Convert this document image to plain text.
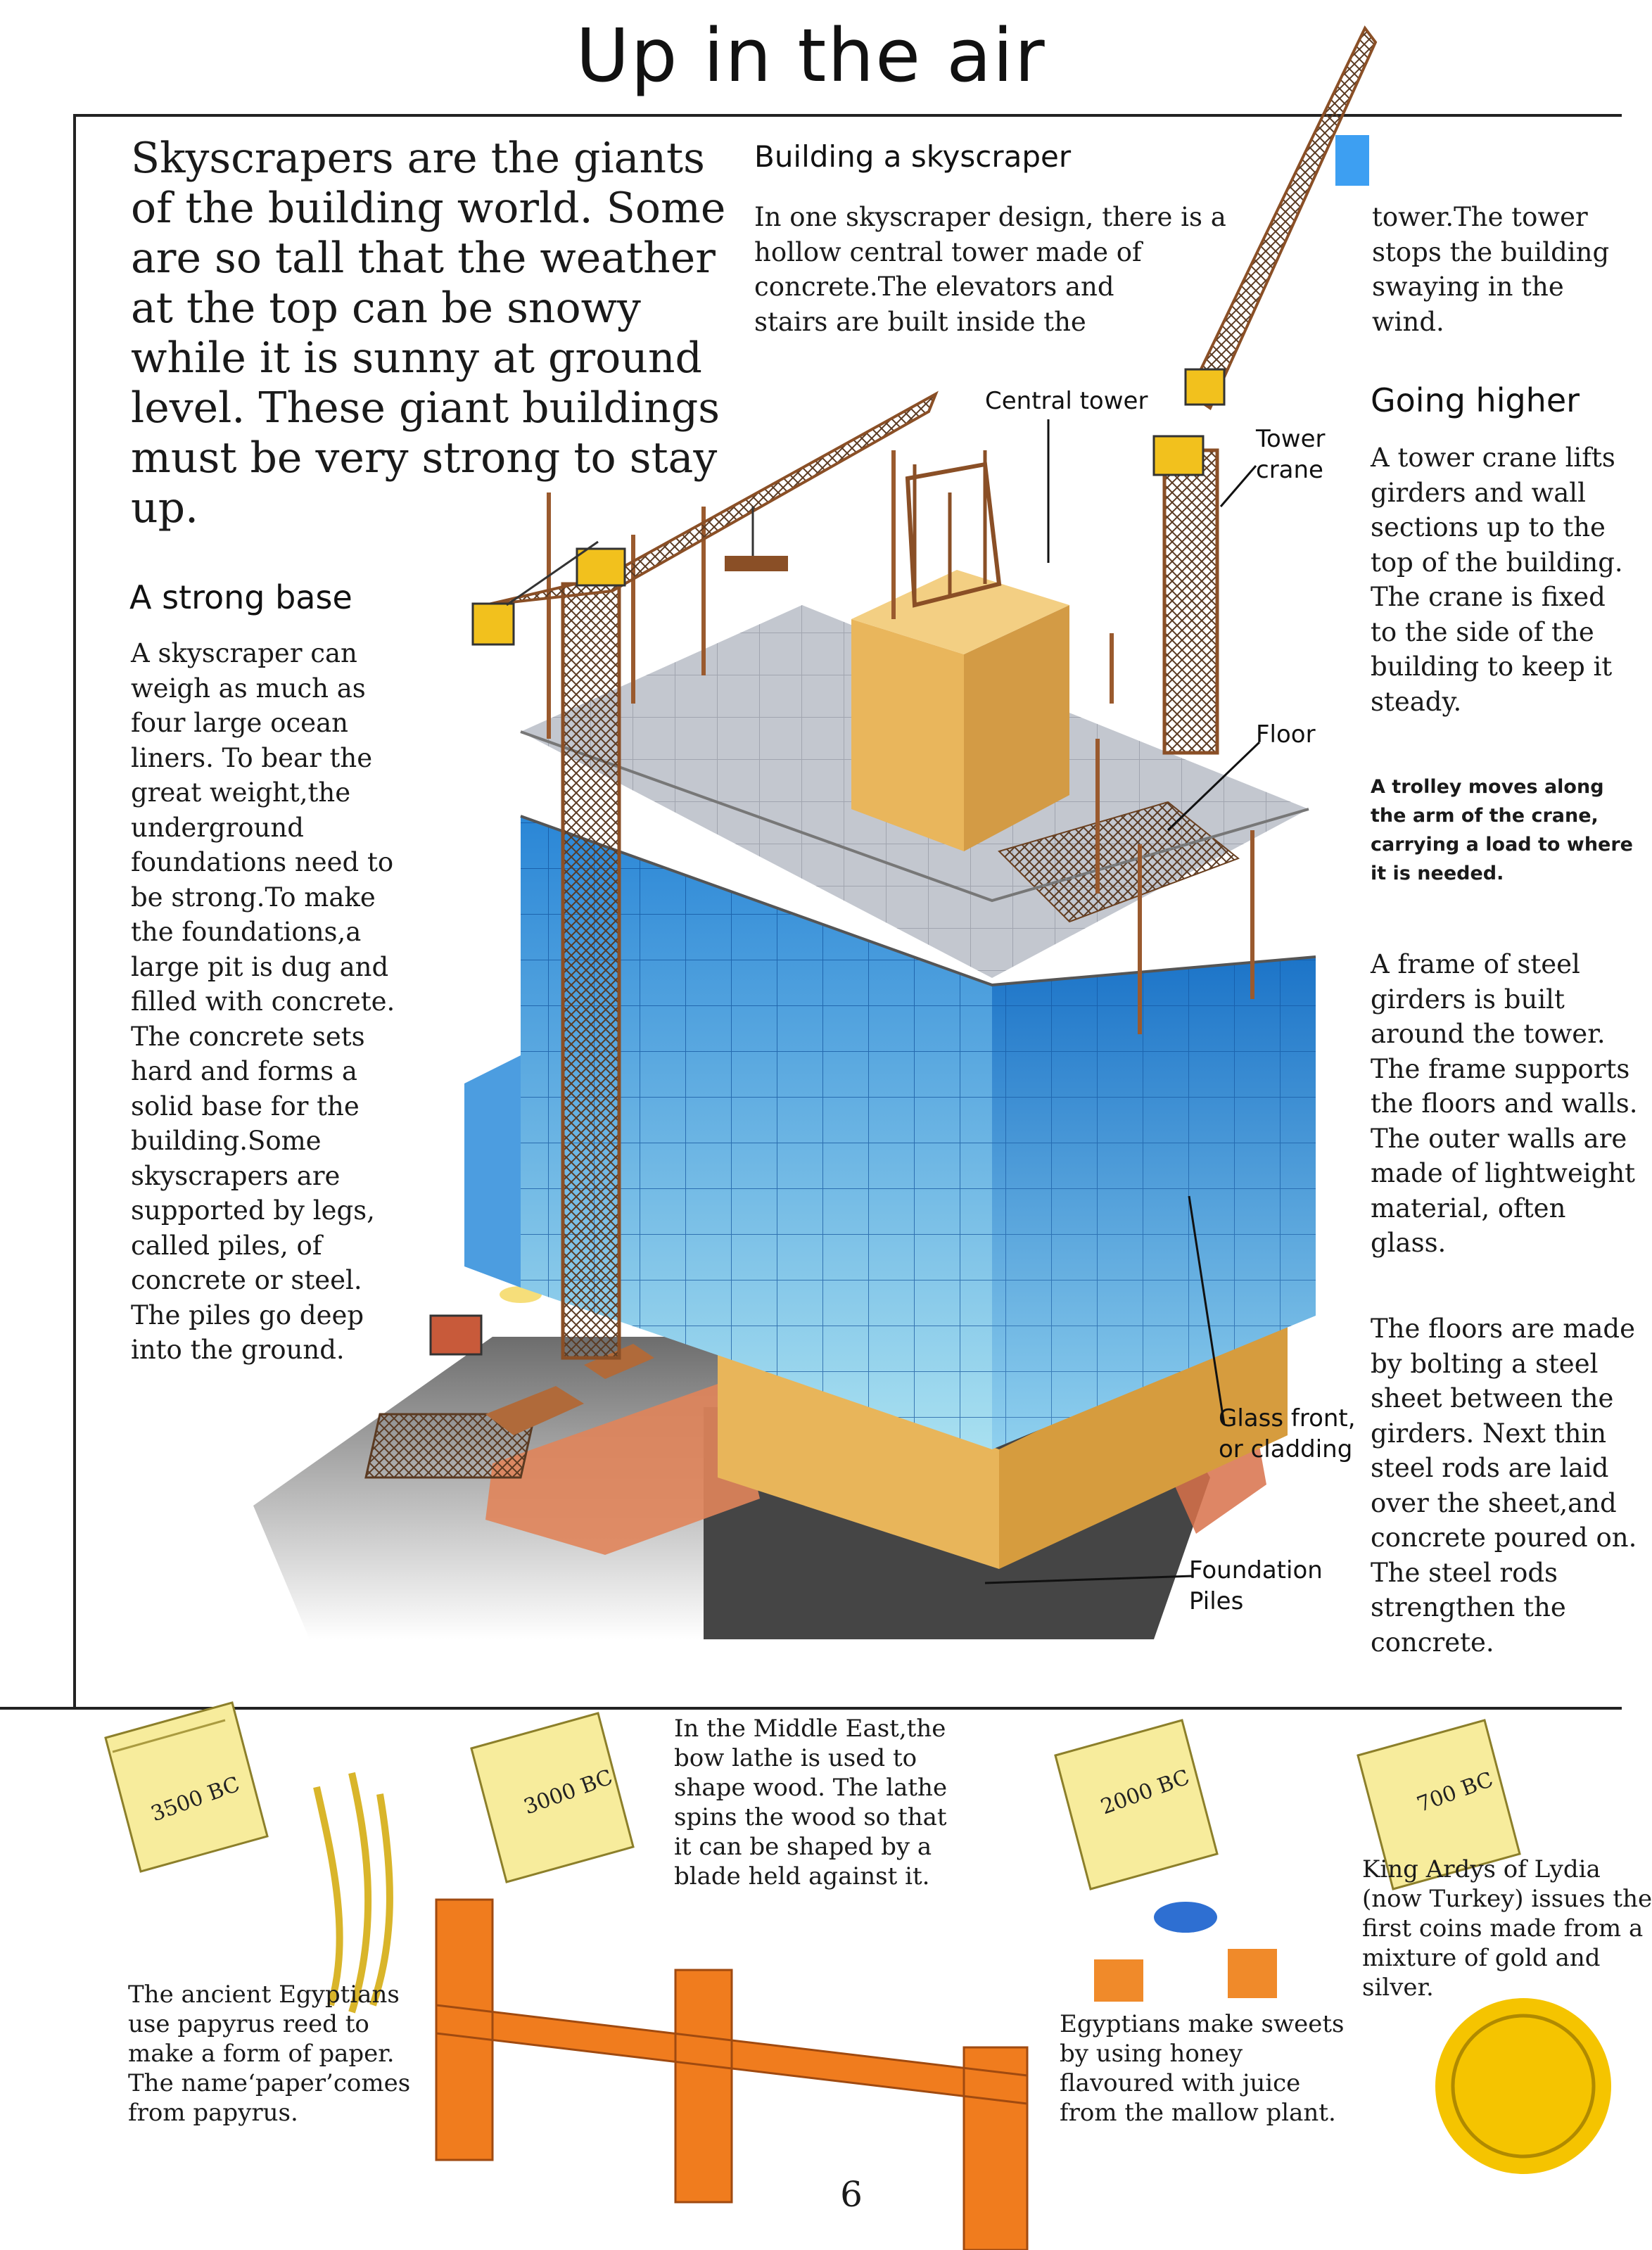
Up in the air
Skyscrapers are the giants of the building world. Some are so tall that the weather at the top can be snowy while it is sunny at ground level. These giant buildings must be very strong to stay up.
A strong base
A skyscraper can
weigh as much as
four large ocean
liners. To bear the
great weight,the
underground
foundations need to
be strong.To make
the foundations,a
large pit is dug and
filled with concrete.
The concrete sets
hard and forms a
solid base for the
building.Some
skyscrapers are
supported by legs,
called piles, of
concrete or steel.
The piles go deep
into the ground.
Building a skyscraper
In one skyscraper design, there is a
hollow central tower made of
concrete.The elevators and
stairs are built inside the
tower.The tower
stops the building
swaying in the
wind.
Going higher
A tower crane lifts
girders and wall
sections up to the
top of the building.
The crane is fixed
to the side of the
building to keep it
steady.
A trolley moves along
the arm of the crane,
carrying a load to where
it is needed.
A frame of steel
girders is built
around the tower.
The frame supports
the floors and walls.
The outer walls are
made of lightweight
material, often
glass.
The floors are made
by bolting a steel
sheet between the
girders. Next thin
steel rods are laid
over the sheet,and
concrete poured on.
The steel rods
strengthen the
concrete.
Central tower
Tower
crane
Floor
Glass front,
or cladding
Foundation
Piles
3500 BC	3000 BC	2000 BC	700 BC
The ancient Egyptians
use papyrus reed to
make a form of paper.
The name‘paper’comes
from papyrus.
In the Middle East,the
bow lathe is used to
shape wood. The lathe
spins the wood so that
it can be shaped by a
blade held against it.
Egyptians make sweets
by using honey
flavoured with juice
from the mallow plant.
King Ardys of Lydia
(now Turkey) issues the
first coins made from a
mixture of gold and
silver.
6
